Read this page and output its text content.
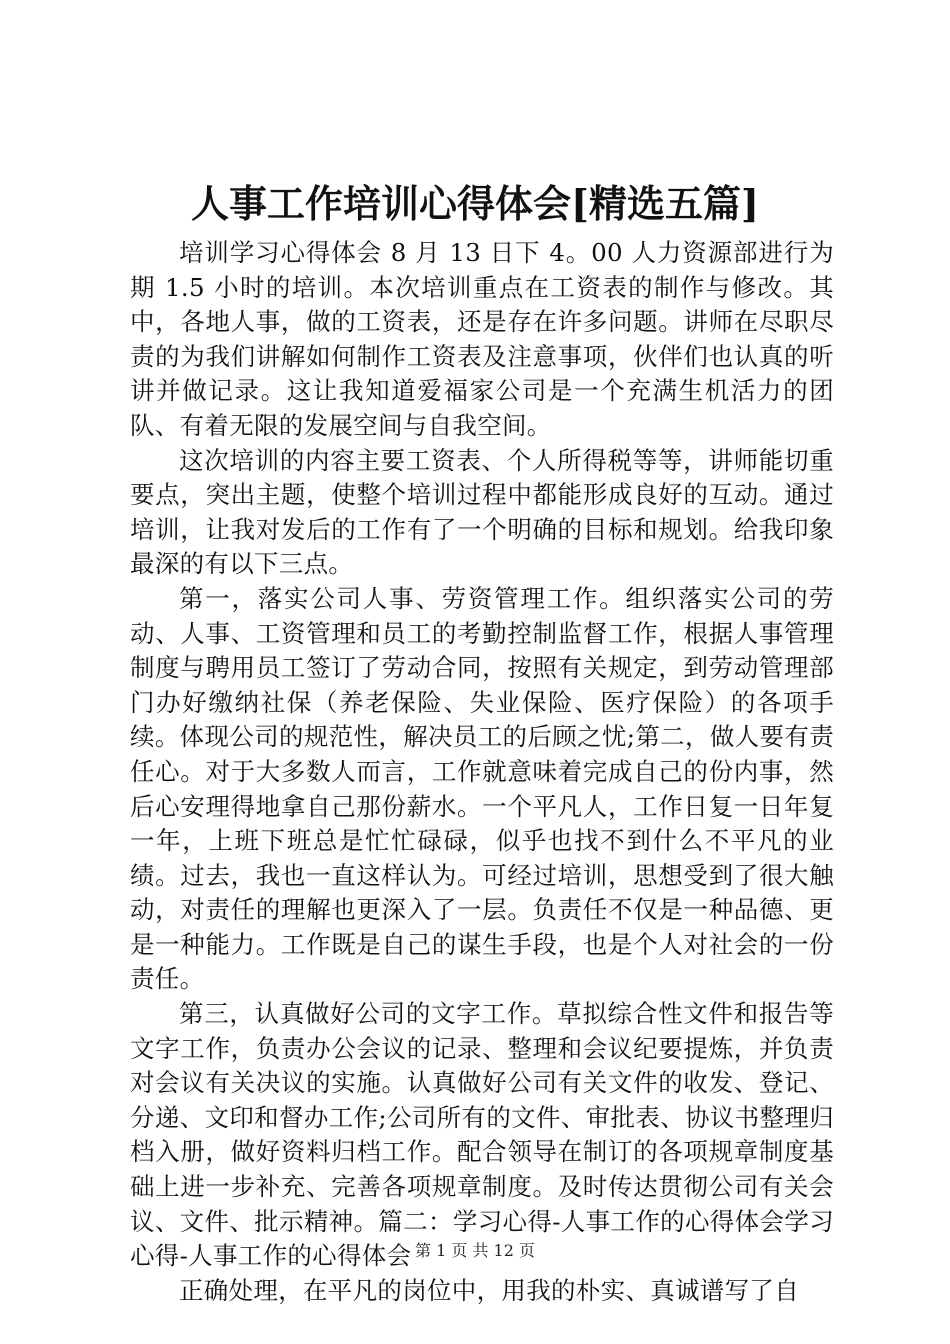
人事工作培训心得体会[精选五篇]

培训学习心得体会 8 月 13 日下 4。00 人力资源部进行为期 1.5 小时的培训。本次培训重点在工资表的制作与修改。其中，各地人事，做的工资表，还是存在许多问题。讲师在尽职尽责的为我们讲解如何制作工资表及注意事项，伙伴们也认真的听讲并做记录。这让我知道爱福家公司是一个充满生机活力的团队、有着无限的发展空间与自我空间。

这次培训的内容主要工资表、个人所得税等等，讲师能切重要点，突出主题，使整个培训过程中都能形成良好的互动。通过培训，让我对发后的工作有了一个明确的目标和规划。给我印象最深的有以下三点。

第一，落实公司人事、劳资管理工作。组织落实公司的劳动、人事、工资管理和员工的考勤控制监督工作，根据人事管理制度与聘用员工签订了劳动合同，按照有关规定，到劳动管理部门办好缴纳社保（养老保险、失业保险、医疗保险）的各项手续。体现公司的规范性，解决员工的后顾之忧;第二，做人要有责任心。对于大多数人而言，工作就意味着完成自己的份内事，然后心安理得地拿自己那份薪水。一个平凡人，工作日复一日年复一年，上班下班总是忙忙碌碌，似乎也找不到什么不平凡的业绩。过去，我也一直这样认为。可经过培训，思想受到了很大触动，对责任的理解也更深入了一层。负责任不仅是一种品德、更是一种能力。工作既是自己的谋生手段，也是个人对社会的一份责任。

第三，认真做好公司的文字工作。草拟综合性文件和报告等文字工作，负责办公会议的记录、整理和会议纪要提炼，并负责对会议有关决议的实施。认真做好公司有关文件的收发、登记、分递、文印和督办工作;公司所有的文件、审批表、协议书整理归档入册，做好资料归档工作。配合领导在制订的各项规章制度基础上进一步补充、完善各项规章制度。及时传达贯彻公司有关会议、文件、批示精神。篇二：学习心得-人事工作的心得体会学习心得-人事工作的心得体会

正确处理，在平凡的岗位中，用我的朴实、真诚谱写了自

第 1 页 共 12 页
